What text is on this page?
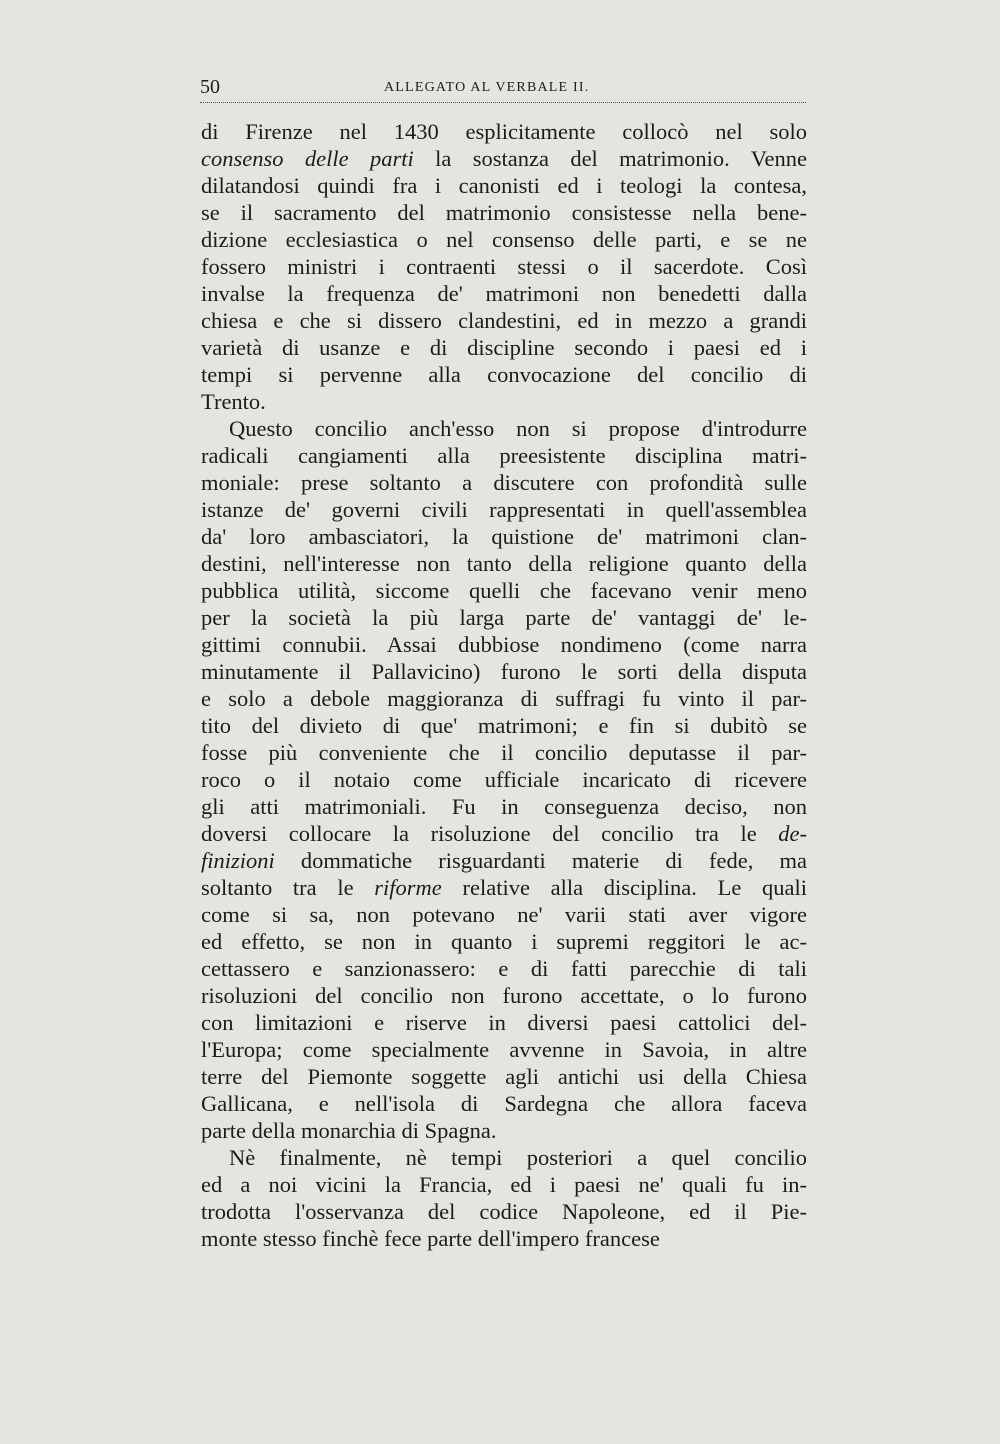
50	ALLEGATO AL VERBALE II.
di Firenze nel 1430 esplicitamente collocò nel solo
consenso delle parti la sostanza del matrimonio. Venne
dilatandosi quindi fra i canonisti ed i teologi la contesa,
se il sacramento del matrimonio consistesse nella bene-
dizione ecclesiastica o nel consenso delle parti, e se ne
fossero ministri i contraenti stessi o il sacerdote. Così
invalse la frequenza de' matrimoni non benedetti dalla
chiesa e che si dissero clandestini, ed in mezzo a grandi
varietà di usanze e di discipline secondo i paesi ed i
tempi si pervenne alla convocazione del concilio di
Trento.
Questo concilio anch'esso non si propose d'introdurre
radicali cangiamenti alla preesistente disciplina matri-
moniale: prese soltanto a discutere con profondità sulle
istanze de' governi civili rappresentati in quell'assemblea
da' loro ambasciatori, la quistione de' matrimoni clan-
destini, nell'interesse non tanto della religione quanto della
pubblica utilità, siccome quelli che facevano venir meno
per la società la più larga parte de' vantaggi de' le-
gittimi connubii. Assai dubbiose nondimeno (come narra
minutamente il Pallavicino) furono le sorti della disputa
e solo a debole maggioranza di suffragi fu vinto il par-
tito del divieto di que' matrimoni; e fin si dubitò se
fosse più conveniente che il concilio deputasse il par-
roco o il notaio come ufficiale incaricato di ricevere
gli atti matrimoniali. Fu in conseguenza deciso, non
doversi collocare la risoluzione del concilio tra le de-
finizioni dommatiche risguardanti materie di fede, ma
soltanto tra le riforme relative alla disciplina. Le quali
come si sa, non potevano ne' varii stati aver vigore
ed effetto, se non in quanto i supremi reggitori le ac-
cettassero e sanzionassero: e di fatti parecchie di tali
risoluzioni del concilio non furono accettate, o lo furono
con limitazioni e riserve in diversi paesi cattolici del-
l'Europa; come specialmente avvenne in Savoia, in altre
terre del Piemonte soggette agli antichi usi della Chiesa
Gallicana, e nell'isola di Sardegna che allora faceva
parte della monarchia di Spagna.
Nè finalmente, nè tempi posteriori a quel concilio
ed a noi vicini la Francia, ed i paesi ne' quali fu in-
trodotta l'osservanza del codice Napoleone, ed il Pie-
monte stesso finchè fece parte dell'impero francese
